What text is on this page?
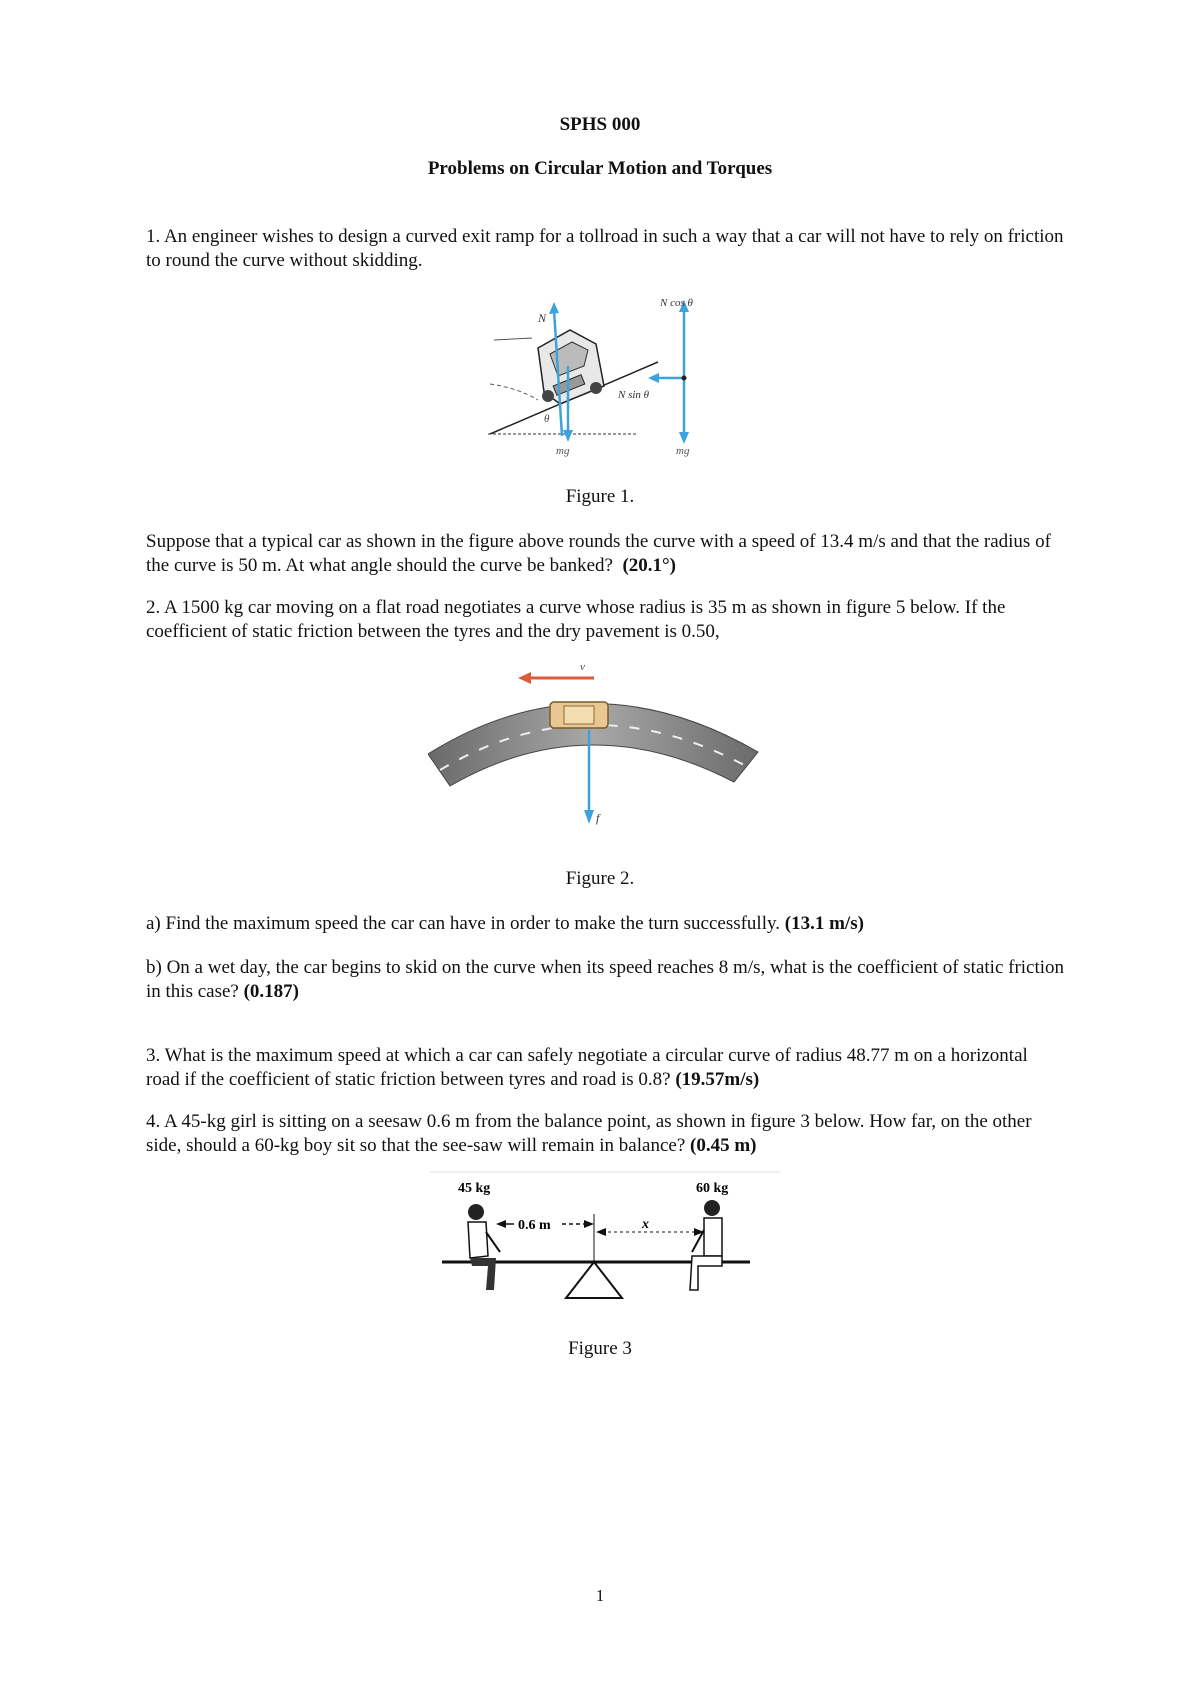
SPHS 000
Problems on Circular Motion and Torques

1. An engineer wishes to design a curved exit ramp for a tollroad in such a way that a car will not have to rely on friction to round the curve without skidding.

N
θ
mg
N cos θ
N sin θ
mg
Figure 1.

Suppose that a typical car as shown in the figure above rounds the curve with a speed of 13.4 m/s and that the radius of the curve is 50 m. At what angle should the curve be banked? (20.1°)

2. A 1500 kg car moving on a flat road negotiates a curve whose radius is 35 m as shown in figure 5 below. If the coefficient of static friction between the tyres and the dry pavement is 0.50,

v
f
Figure 2.

a) Find the maximum speed the car can have in order to make the turn successfully. (13.1 m/s)

b) On a wet day, the car begins to skid on the curve when its speed reaches 8 m/s, what is the coefficient of static friction in this case? (0.187)

3. What is the maximum speed at which a car can safely negotiate a circular curve of radius 48.77 m on a horizontal road if the coefficient of static friction between tyres and road is 0.8? (19.57m/s)

4. A 45-kg girl is sitting on a seesaw 0.6 m from the balance point, as shown in figure 3 below. How far, on the other side, should a 60-kg boy sit so that the see-saw will remain in balance? (0.45 m)

45 kg	60 kg
0.6 m	x
Figure 3
1
